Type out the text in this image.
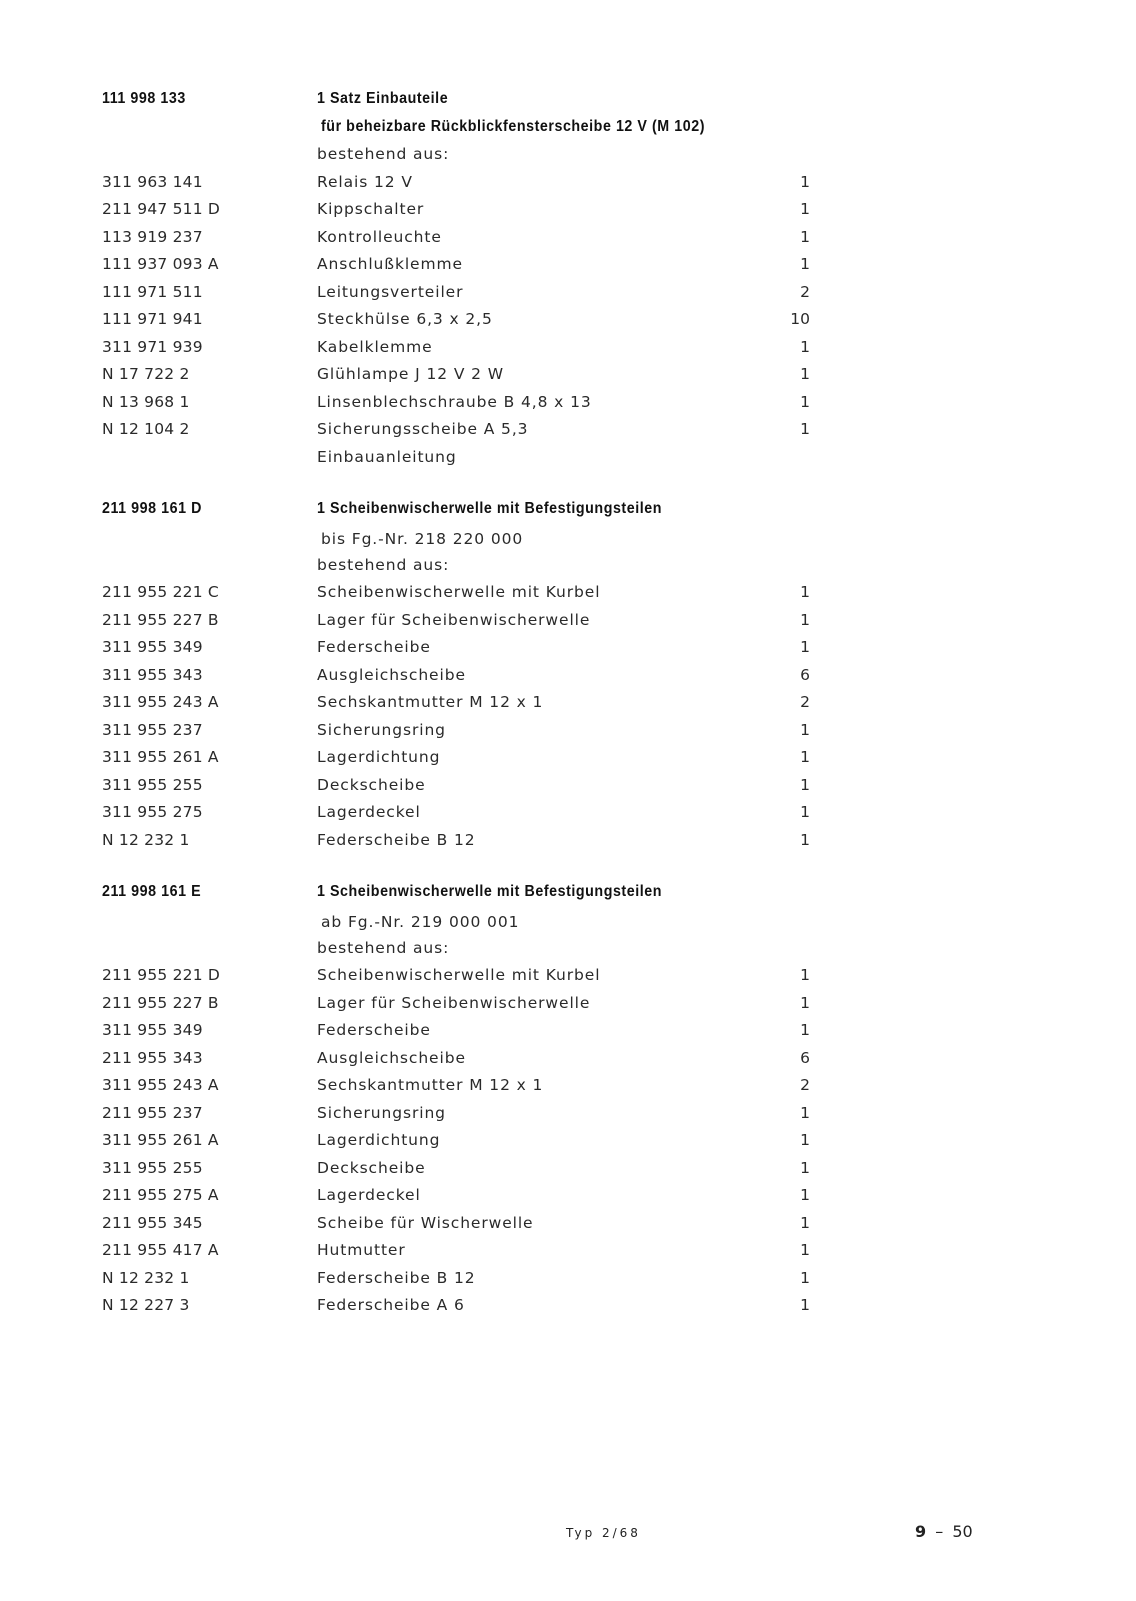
111 998 133	1 Satz Einbauteile
für beheizbare Rückblickfensterscheibe 12 V (M 102)
bestehend aus:
311 963 141	Relais 12 V	1
211 947 511 D	Kippschalter	1
113 919 237	Kontrolleuchte	1
111 937 093 A	Anschlußklemme	1
111 971 511	Leitungsverteiler	2
111 971 941	Steckhülse 6,3 x 2,5	10
311 971 939	Kabelklemme	1
N 17 722 2	Glühlampe J 12 V 2 W	1
N 13 968 1	Linsenblechschraube B 4,8 x 13	1
N 12 104 2	Sicherungsscheibe A 5,3	1
Einbauanleitung
211 998 161 D	1 Scheibenwischerwelle mit Befestigungsteilen
bis Fg.-Nr. 218 220 000
bestehend aus:
211 955 221 C	Scheibenwischerwelle mit Kurbel	1
211 955 227 B	Lager für Scheibenwischerwelle	1
311 955 349	Federscheibe	1
311 955 343	Ausgleichscheibe	6
311 955 243 A	Sechskantmutter M 12 x 1	2
311 955 237	Sicherungsring	1
311 955 261 A	Lagerdichtung	1
311 955 255	Deckscheibe	1
311 955 275	Lagerdeckel	1
N 12 232 1	Federscheibe B 12	1
211 998 161 E	1 Scheibenwischerwelle mit Befestigungsteilen
ab Fg.-Nr. 219 000 001
bestehend aus:
211 955 221 D	Scheibenwischerwelle mit Kurbel	1
211 955 227 B	Lager für Scheibenwischerwelle	1
311 955 349	Federscheibe	1
211 955 343	Ausgleichscheibe	6
311 955 243 A	Sechskantmutter M 12 x 1	2
211 955 237	Sicherungsring	1
311 955 261 A	Lagerdichtung	1
311 955 255	Deckscheibe	1
211 955 275 A	Lagerdeckel	1
211 955 345	Scheibe für Wischerwelle	1
211 955 417 A	Hutmutter	1
N 12 232 1	Federscheibe B 12	1
N 12 227 3	Federscheibe A 6	1
Typ 2/68	9 – 50
